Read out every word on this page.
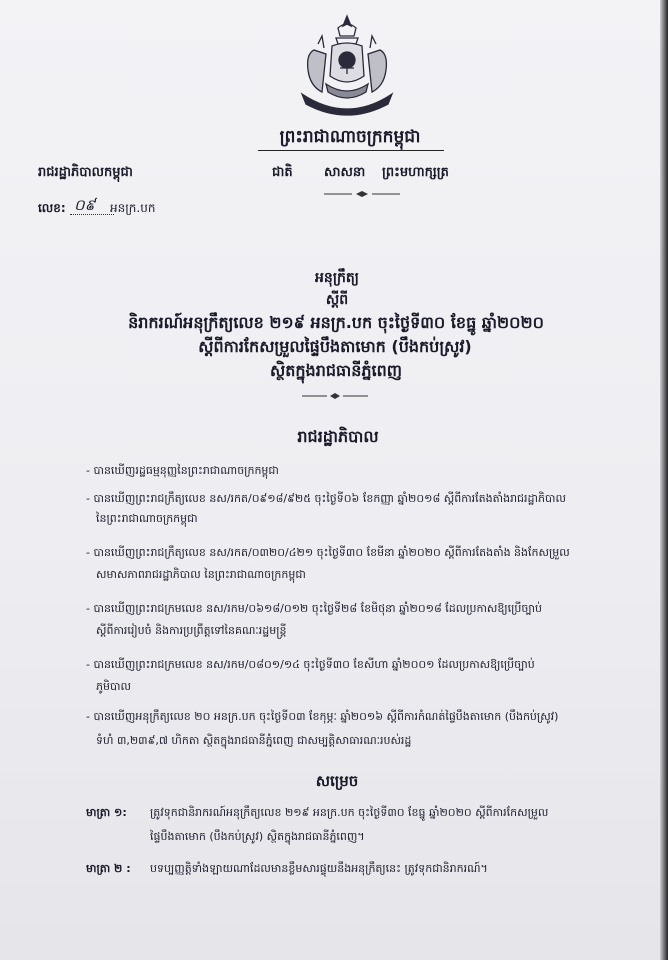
ព្រះរាជាណាចក្រកម្ពុជា
រាជរដ្ឋាភិបាលកម្ពុជា	ជាតិ សាសនា ព្រះមហាក្សត្រ
លេខ: ០៩ អនក្រ.បក
អនុក្រឹត្យ
ស្ដីពី
និរាករណ៍អនុក្រឹត្យលេខ ២១៩ អនក្រ.បក ចុះថ្ងៃទី៣០ ខែធ្នូ ឆ្នាំ២០២០
ស្ដីពីការកែសម្រួលផ្ទៃបឹងតាមោក (បឹងកប់ស្រូវ)
ស្ថិតក្នុងរាជធានីភ្នំពេញ
រាជរដ្ឋាភិបាល
- បានឃើញរដ្ឋធម្មនុញ្ញនៃព្រះរាជាណាចក្រកម្ពុជា
- បានឃើញព្រះរាជក្រឹត្យលេខ នស/រកត/០៩១៨/៩២៥ ចុះថ្ងៃទី០៦ ខែកញ្ញា ឆ្នាំ២០១៨ ស្ដីពីការតែងតាំងរាជរដ្ឋាភិបាល
នៃព្រះរាជាណាចក្រកម្ពុជា
- បានឃើញព្រះរាជក្រឹត្យលេខ នស/រកត/០៣២០/៤២១ ចុះថ្ងៃទី៣០ ខែមីនា ឆ្នាំ២០២០ ស្ដីពីការតែងតាំង និងកែសម្រួល
សមាសភាពរាជរដ្ឋាភិបាល នៃព្រះរាជាណាចក្រកម្ពុជា
- បានឃើញព្រះរាជក្រមលេខ នស/រកម/០៦១៨/០១២ ចុះថ្ងៃទី២៨ ខែមិថុនា ឆ្នាំ២០១៨ ដែលប្រកាសឱ្យប្រើច្បាប់
ស្ដីពីការរៀបចំ និងការប្រព្រឹត្តទៅនៃគណៈរដ្ឋមន្ត្រី
- បានឃើញព្រះរាជក្រមលេខ នស/រកម/០៨០១/១៤ ចុះថ្ងៃទី៣០ ខែសីហា ឆ្នាំ២០០១ ដែលប្រកាសឱ្យប្រើច្បាប់
ភូមិបាល
- បានឃើញអនុក្រឹត្យលេខ ២០ អនក្រ.បក ចុះថ្ងៃទី០៣ ខែកុម្ភៈ ឆ្នាំ២០១៦ ស្ដីពីការកំណត់ផ្ទៃបឹងតាមោក (បឹងកប់ស្រូវ)
ទំហំ ៣,២៣៩,៧ ហិកតា ស្ថិតក្នុងរាជធានីភ្នំពេញ ជាសម្បត្តិសាធារណៈរបស់រដ្ឋ
សម្រេច
មាត្រា ១: ត្រូវទុកជានិរាករណ៍អនុក្រឹត្យលេខ ២១៩ អនក្រ.បក ចុះថ្ងៃទី៣០ ខែធ្នូ ឆ្នាំ២០២០ ស្ដីពីការកែសម្រួល
ផ្ទៃបឹងតាមោក (បឹងកប់ស្រូវ) ស្ថិតក្នុងរាជធានីភ្នំពេញ។
មាត្រា ២ : បទប្បញ្ញត្តិទាំងឡាយណាដែលមានខ្លឹមសារផ្ទុយនឹងអនុក្រឹត្យនេះ ត្រូវទុកជានិរាករណ៍។
